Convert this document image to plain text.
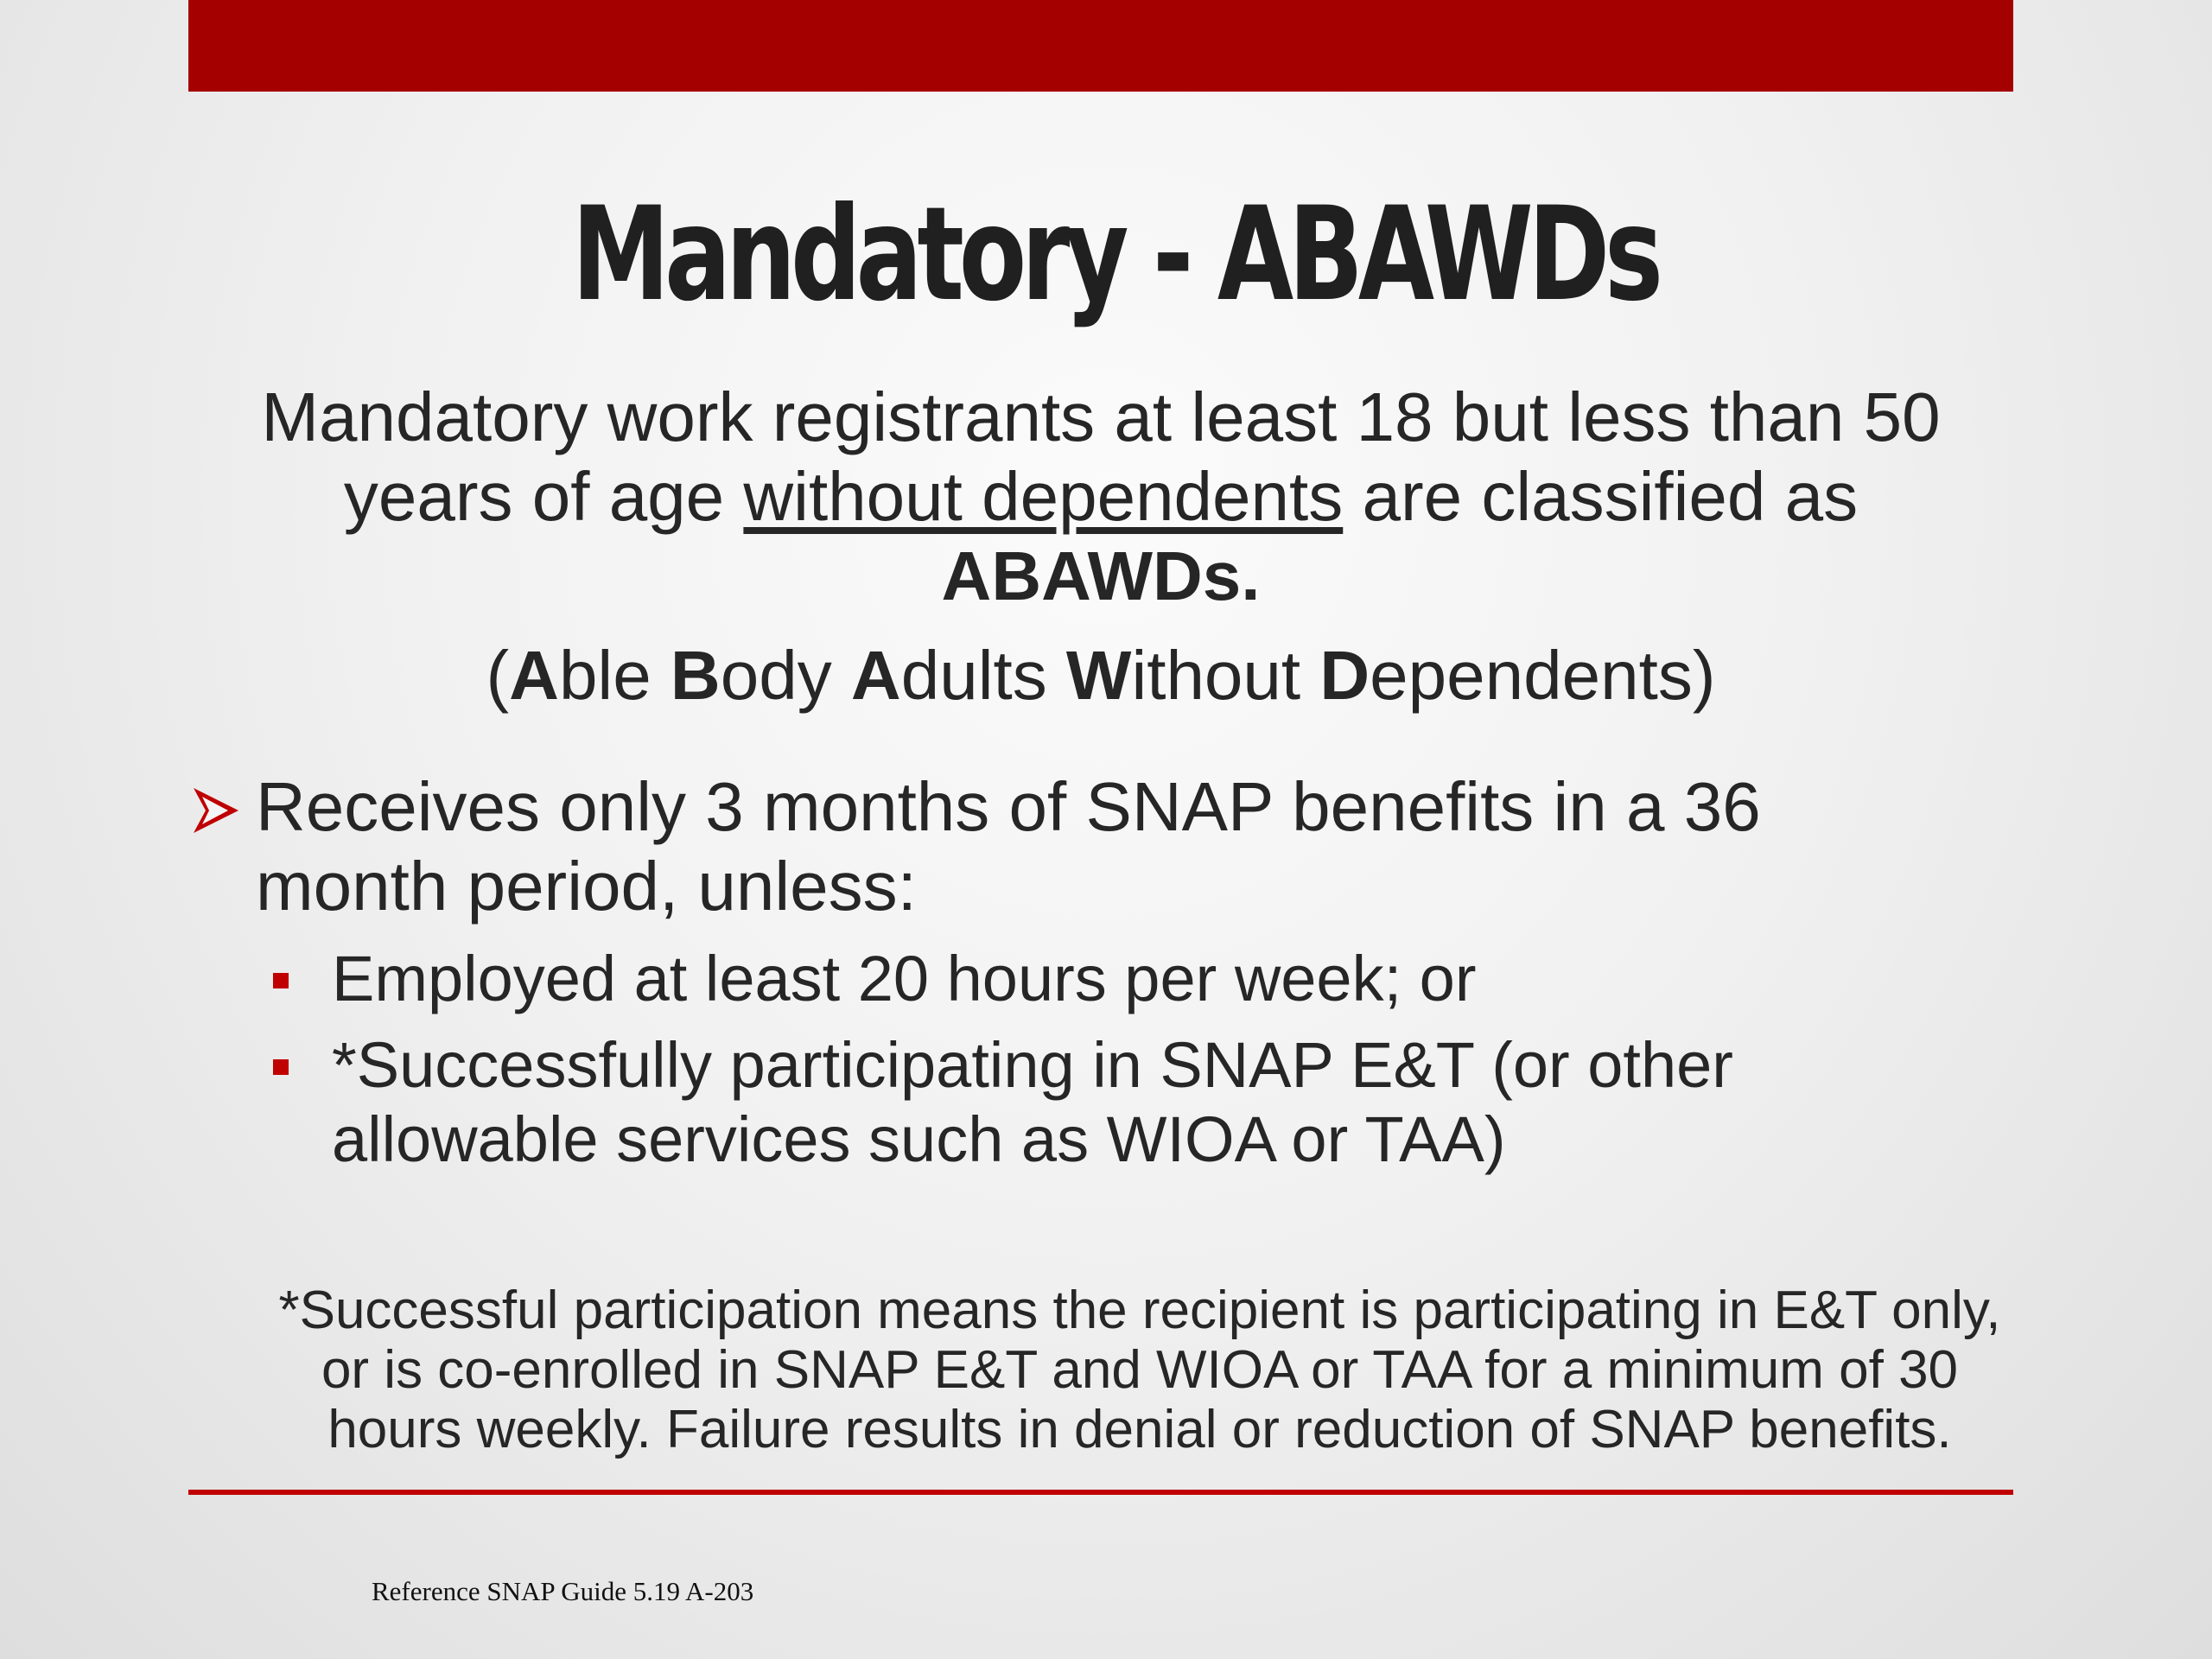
Mandatory - ABAWDs
Mandatory work registrants at least 18 but less than 50
years of age without dependents are classified as
ABAWDs.
(Able Body Adults Without Dependents)
Receives only 3 months of SNAP benefits in a 36 month period, unless:
Employed at least 20 hours per week; or
*Successfully participating in SNAP E&T (or other allowable services such as WIOA or TAA)
*Successful participation means the recipient is participating in E&T only, or is co-enrolled in SNAP E&T and WIOA or TAA for a minimum of 30 hours weekly. Failure results in denial or reduction of SNAP benefits.
Reference SNAP Guide 5.19 A-203
